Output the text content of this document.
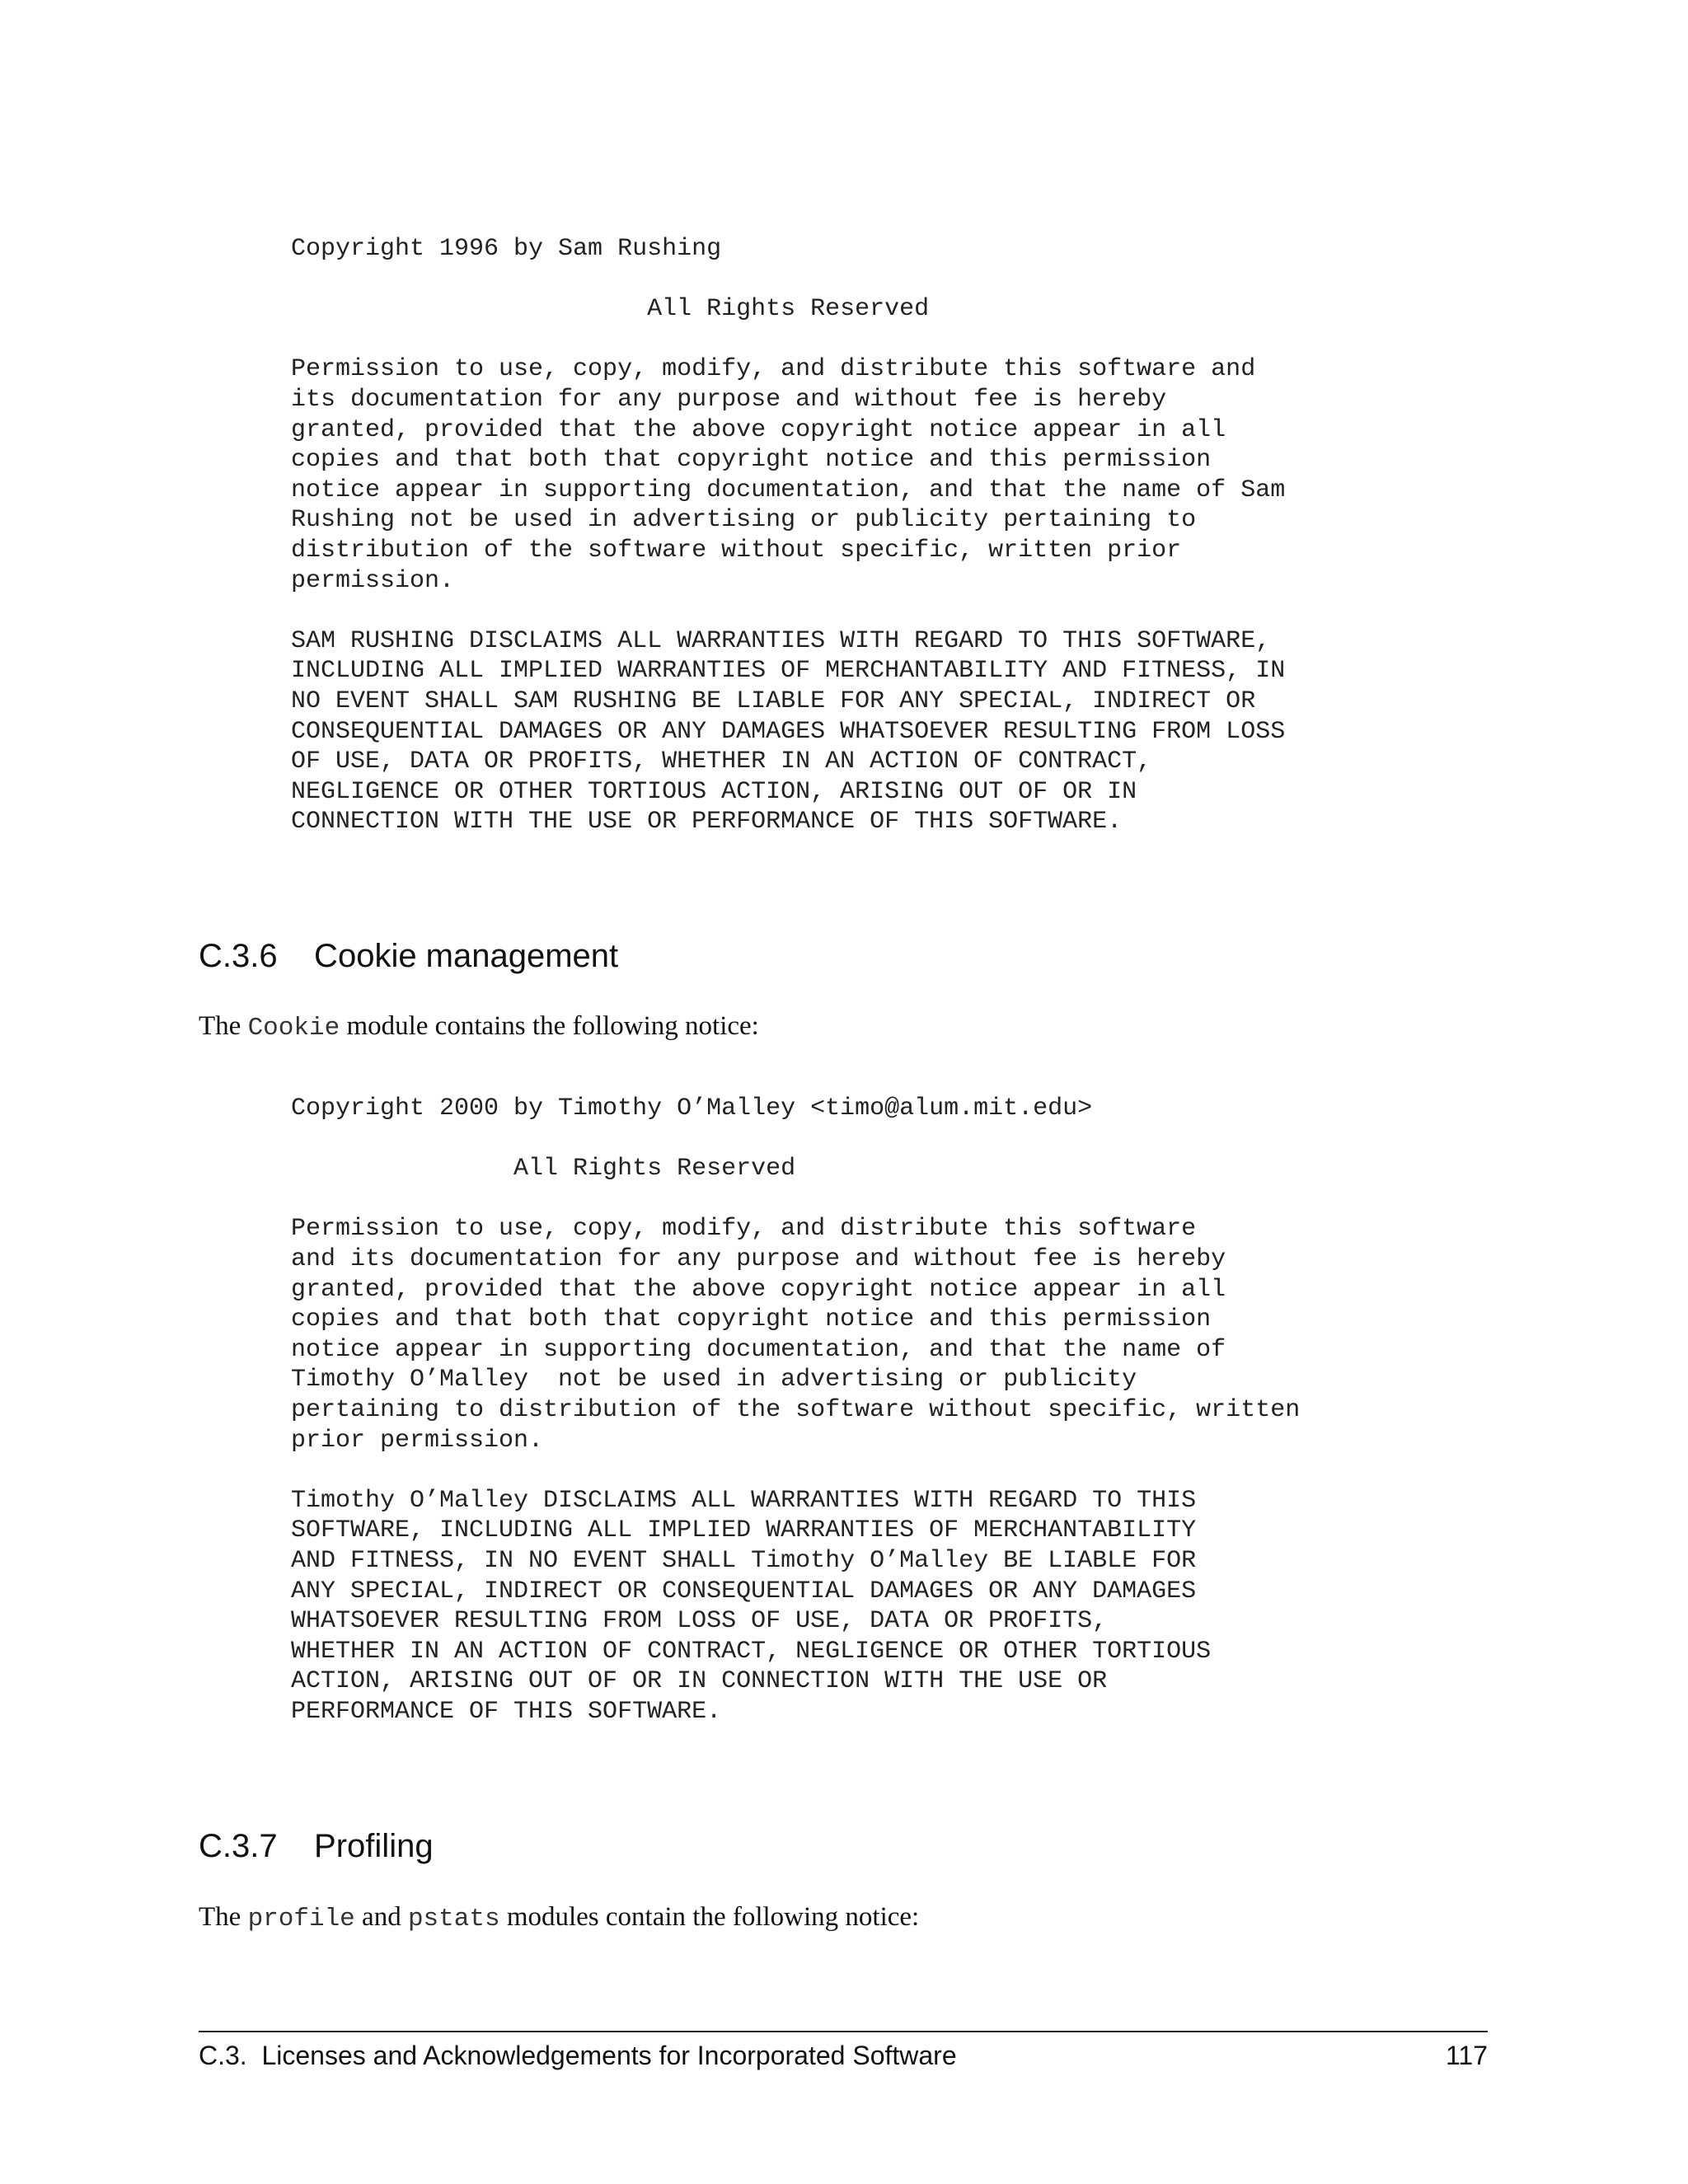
Copyright 1996 by Sam Rushing

All Rights Reserved

Permission to use, copy, modify, and distribute this software and
its documentation for any purpose and without fee is hereby
granted, provided that the above copyright notice appear in all
copies and that both that copyright notice and this permission
notice appear in supporting documentation, and that the name of Sam
Rushing not be used in advertising or publicity pertaining to
distribution of the software without specific, written prior
permission.

SAM RUSHING DISCLAIMS ALL WARRANTIES WITH REGARD TO THIS SOFTWARE,
INCLUDING ALL IMPLIED WARRANTIES OF MERCHANTABILITY AND FITNESS, IN
NO EVENT SHALL SAM RUSHING BE LIABLE FOR ANY SPECIAL, INDIRECT OR
CONSEQUENTIAL DAMAGES OR ANY DAMAGES WHATSOEVER RESULTING FROM LOSS
OF USE, DATA OR PROFITS, WHETHER IN AN ACTION OF CONTRACT,
NEGLIGENCE OR OTHER TORTIOUS ACTION, ARISING OUT OF OR IN
CONNECTION WITH THE USE OR PERFORMANCE OF THIS SOFTWARE.
C.3.6    Cookie management

The Cookie module contains the following notice:

Copyright 2000 by Timothy O’Malley <timo@alum.mit.edu>

All Rights Reserved

Permission to use, copy, modify, and distribute this software
and its documentation for any purpose and without fee is hereby
granted, provided that the above copyright notice appear in all
copies and that both that copyright notice and this permission
notice appear in supporting documentation, and that the name of
Timothy O’Malley  not be used in advertising or publicity
pertaining to distribution of the software without specific, written
prior permission.

Timothy O’Malley DISCLAIMS ALL WARRANTIES WITH REGARD TO THIS
SOFTWARE, INCLUDING ALL IMPLIED WARRANTIES OF MERCHANTABILITY
AND FITNESS, IN NO EVENT SHALL Timothy O’Malley BE LIABLE FOR
ANY SPECIAL, INDIRECT OR CONSEQUENTIAL DAMAGES OR ANY DAMAGES
WHATSOEVER RESULTING FROM LOSS OF USE, DATA OR PROFITS,
WHETHER IN AN ACTION OF CONTRACT, NEGLIGENCE OR OTHER TORTIOUS
ACTION, ARISING OUT OF OR IN CONNECTION WITH THE USE OR
PERFORMANCE OF THIS SOFTWARE.
C.3.7    Profiling

The profile and pstats modules contain the following notice:

C.3.  Licenses and Acknowledgements for Incorporated Software	117
